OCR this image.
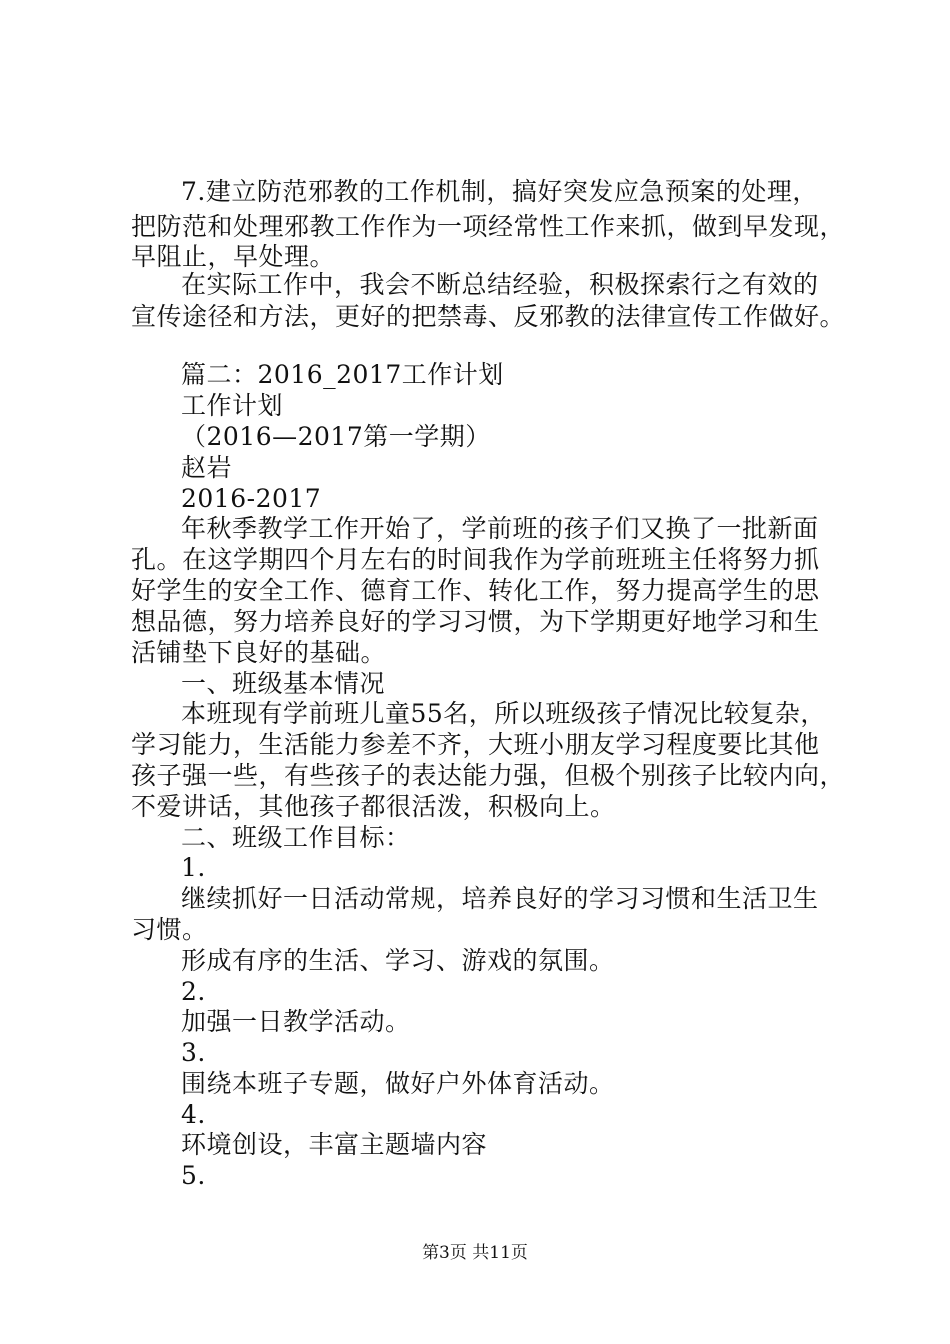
7.建立防范邪教的工作机制，搞好突发应急预案的处理，
把防范和处理邪教工作作为一项经常性工作来抓，做到早发现，
早阻止，早处理。
在实际工作中，我会不断总结经验，积极探索行之有效的
宣传途径和方法，更好的把禁毒、反邪教的法律宣传工作做好。
篇二：2016_2017工作计划
工作计划
（2016—2017第一学期）
赵岩
2016-2017
年秋季教学工作开始了，学前班的孩子们又换了一批新面
孔。在这学期四个月左右的时间我作为学前班班主任将努力抓
好学生的安全工作、德育工作、转化工作，努力提高学生的思
想品德，努力培养良好的学习习惯，为下学期更好地学习和生
活铺垫下良好的基础。
一、班级基本情况
本班现有学前班儿童55名，所以班级孩子情况比较复杂，
学习能力，生活能力参差不齐，大班小朋友学习程度要比其他
孩子强一些，有些孩子的表达能力强，但极个别孩子比较内向，
不爱讲话，其他孩子都很活泼，积极向上。
二、班级工作目标：
1.
继续抓好一日活动常规，培养良好的学习习惯和生活卫生
习惯。
形成有序的生活、学习、游戏的氛围。
2.
加强一日教学活动。
3.
围绕本班子专题，做好户外体育活动。
4.
环境创设，丰富主题墙内容
5.
第3页 共11页
